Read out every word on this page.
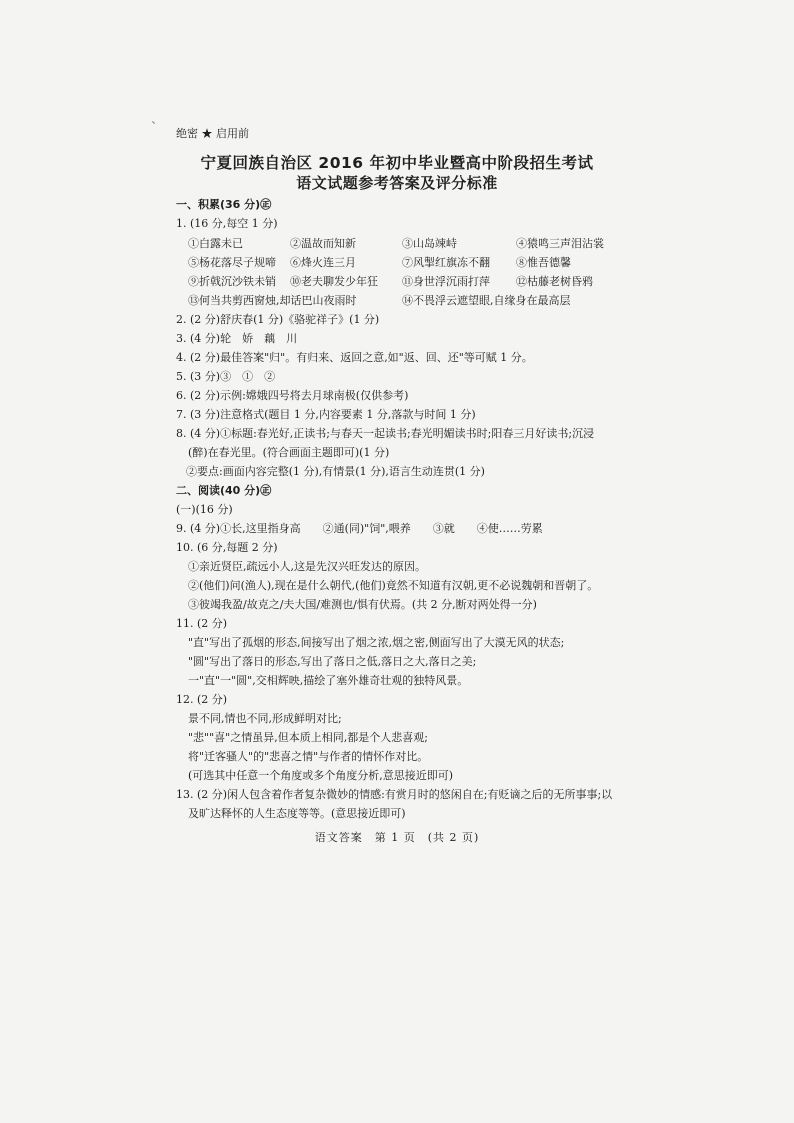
绝密 ★ 启用前
宁夏回族自治区 2016 年初中毕业暨高中阶段招生考试
语文试题参考答案及评分标准
一、积累(36 分)㊣
1. (16 分,每空 1 分)
①白露未已	②温故而知新	③山岛竦峙	④猿鸣三声泪沾裳
⑤杨花落尽子规啼 ⑥烽火连三月	⑦风掣红旗冻不翻 ⑧惟吾德馨
⑨折戟沉沙铁未销 ⑩老夫聊发少年狂 ⑪身世浮沉雨打萍 ⑫枯藤老树昏鸦
⑬何当共剪西窗烛,却话巴山夜雨时	⑭不畏浮云遮望眼,自缘身在最高层
2. (2 分)舒庆春(1 分)《骆驼祥子》(1 分)
3. (4 分)轮　娇　藕　川
4. (2 分)最佳答案"归"。有归来、返回之意,如"返、回、还"等可赋 1 分。
5. (3 分)③　①　②
6. (2 分)示例:嫦娥四号将去月球南极(仅供参考)
7. (3 分)注意格式(题目 1 分,内容要素 1 分,落款与时间 1 分)
8. (4 分)①标题:春光好,正读书;与春天一起读书;春光明媚读书时;阳春三月好读书;沉浸
(醉)在春光里。(符合画面主题即可)(1 分)
②要点:画面内容完整(1 分),有情景(1 分),语言生动连贯(1 分)
二、阅读(40 分)㊣
(一)(16 分)
9. (4 分)①长,这里指身高　　②通(同)"饲",喂养　　③就　　④使……劳累
10. (6 分,每题 2 分)
①亲近贤臣,疏远小人,这是先汉兴旺发达的原因。
②(他们)问(渔人),现在是什么朝代,(他们)竟然不知道有汉朝,更不必说魏朝和晋朝了。
③彼竭我盈/故克之/夫大国/难测也/惧有伏焉。(共 2 分,断对两处得一分)
11. (2 分)
"直"写出了孤烟的形态,间接写出了烟之浓,烟之密,侧面写出了大漠无风的状态;
"圆"写出了落日的形态,写出了落日之低,落日之大,落日之美;
一"直"一"圆",交相辉映,描绘了塞外雄奇壮观的独特风景。
12. (2 分)
景不同,情也不同,形成鲜明对比;
"悲""喜"之情虽异,但本质上相同,都是个人悲喜观;
将"迁客骚人"的"悲喜之情"与作者的情怀作对比。
(可选其中任意一个角度或多个角度分析,意思接近即可)
13. (2 分)闲人包含着作者复杂微妙的情感:有赏月时的悠闲自在;有贬谪之后的无所事事;以
及旷达释怀的人生态度等等。(意思接近即可)
语文答案　第 1 页　(共 2 页)
